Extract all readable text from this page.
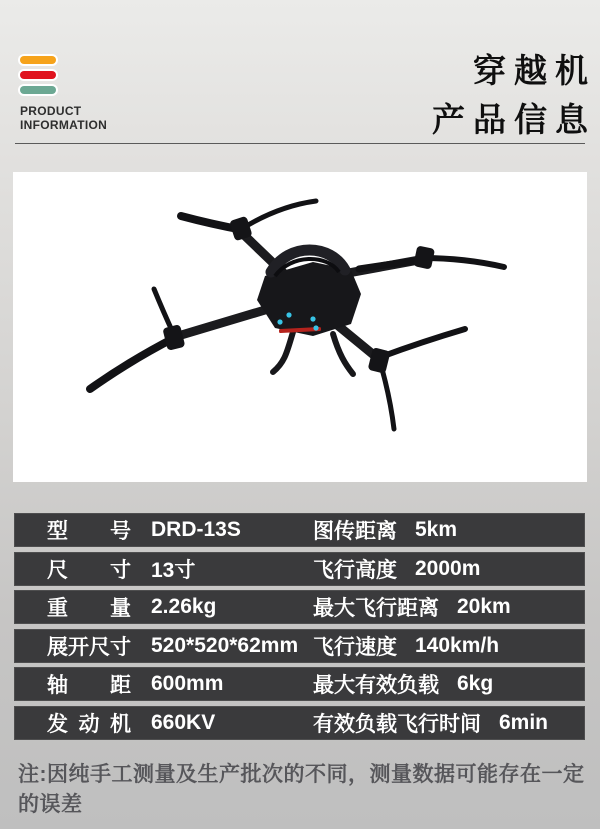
PRODUCT
INFORMATION
穿越机
产品信息
型号 DRD-13S	图传距离 5km
尺寸 13寸	飞行高度 2000m
重量 2.26kg	最大飞行距离 20km
展开尺寸 520*520*62mm 飞行速度 140km/h
轴距 600mm	最大有效负载 6kg
发动机 660KV	有效负载飞行时间 6min
注:因纯手工测量及生产批次的不同，测量数据可能存在一定的误差
